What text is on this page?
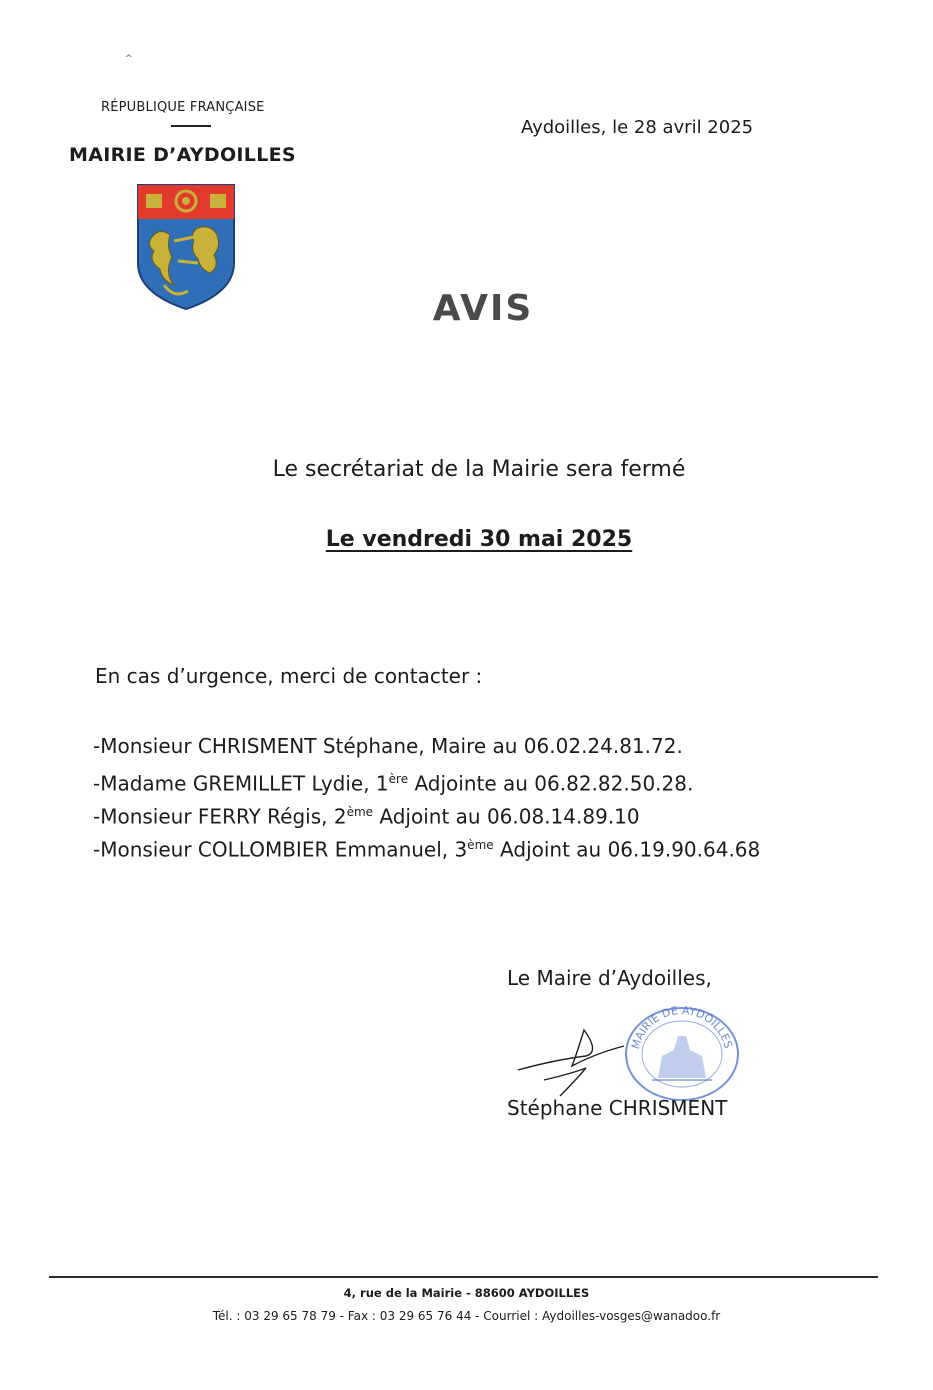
^
RÉPUBLIQUE FRANÇAISE
MAIRIE D’AYDOILLES
Aydoilles, le 28 avril 2025
AVIS
Le secrétariat de la Mairie sera fermé
Le vendredi 30 mai 2025
En cas d’urgence, merci de contacter :
-Monsieur CHRISMENT Stéphane, Maire au 06.02.24.81.72.
-Madame GREMILLET Lydie, 1ère Adjointe au 06.82.82.50.28.
-Monsieur FERRY Régis, 2ème Adjoint au 06.08.14.89.10
-Monsieur COLLOMBIER Emmanuel, 3ème Adjoint au 06.19.90.64.68
Le Maire d’Aydoilles,
MAIRIE DE AYDOILLES
Stéphane CHRISMENT
4, rue de la Mairie - 88600 AYDOILLES
Tél. : 03 29 65 78 79 - Fax : 03 29 65 76 44 - Courriel : Aydoilles-vosges@wanadoo.fr
